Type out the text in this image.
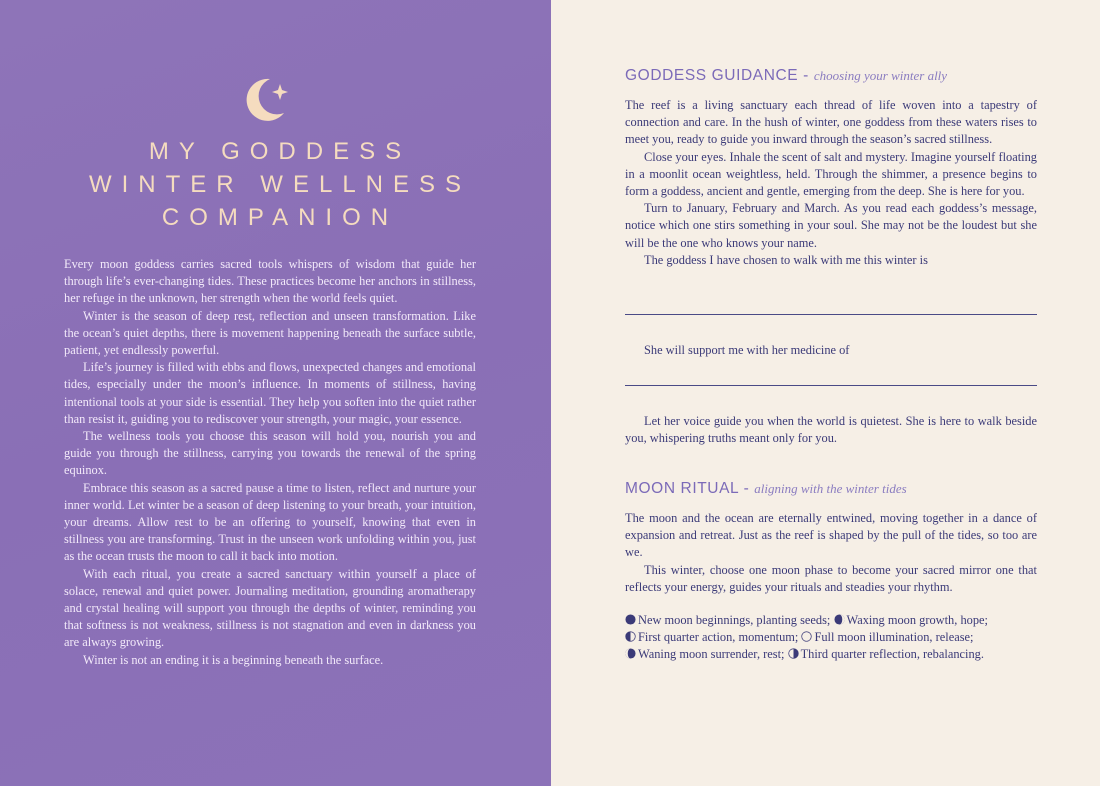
MY GODDESS
WINTER WELLNESS
COMPANION

Every moon goddess carries sacred tools whispers of wisdom that guide her through life’s ever-changing tides. These practices become her anchors in stillness, her refuge in the unknown, her strength when the world feels quiet.

Winter is the season of deep rest, reflection and unseen transformation. Like the ocean’s quiet depths, there is movement happening beneath the surface subtle, patient, yet endlessly powerful.

Life’s journey is filled with ebbs and flows, unexpected changes and emotional tides, especially under the moon’s influence. In moments of stillness, having intentional tools at your side is essential. They help you soften into the quiet rather than resist it, guiding you to rediscover your strength, your magic, your essence.

The wellness tools you choose this season will hold you, nourish you and guide you through the stillness, carrying you towards the renewal of the spring equinox.

Embrace this season as a sacred pause a time to listen, reflect and nurture your inner world. Let winter be a season of deep listening to your breath, your intuition, your dreams. Allow rest to be an offering to yourself, knowing that even in stillness you are transforming. Trust in the unseen work unfolding within you, just as the ocean trusts the moon to call it back into motion.

With each ritual, you create a sacred sanctuary within yourself a place of solace, renewal and quiet power. Journaling meditation, grounding aromatherapy and crystal healing will support you through the depths of winter, reminding you that softness is not weakness, stillness is not stagnation and even in darkness you are always growing.

Winter is not an ending it is a beginning beneath the surface.

GODDESS GUIDANCE - choosing your winter ally

The reef is a living sanctuary each thread of life woven into a tapestry of connection and care. In the hush of winter, one goddess from these waters rises to meet you, ready to guide you inward through the season’s sacred stillness.

Close your eyes. Inhale the scent of salt and mystery. Imagine yourself floating in a moonlit ocean weightless, held. Through the shimmer, a presence begins to form a goddess, ancient and gentle, emerging from the deep. She is here for you.

Turn to January, February and March. As you read each goddess’s message, notice which one stirs something in your soul. She may not be the loudest but she will be the one who knows your name.

The goddess I have chosen to walk with me this winter is

She will support me with her medicine of

Let her voice guide you when the world is quietest. She is here to walk beside you, whispering truths meant only for you.

MOON RITUAL - aligning with the winter tides

The moon and the ocean are eternally entwined, moving together in a dance of expansion and retreat. Just as the reef is shaped by the pull of the tides, so too are we.

This winter, choose one moon phase to become your sacred mirror one that reflects your energy, guides your rituals and steadies your rhythm.

New moon beginnings, planting seeds; Waxing moon growth, hope;
First quarter action, momentum; Full moon illumination, release;
Waning moon surrender, rest; Third quarter reflection, rebalancing.
